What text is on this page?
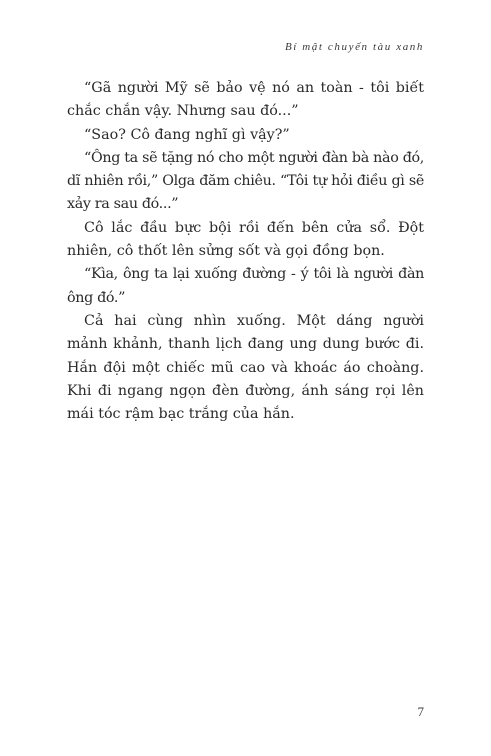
Bí mật chuyến tàu xanh

“Gã người Mỹ sẽ bảo vệ nó an toàn - tôi biết chắc chắn vậy. Nhưng sau đó...”

“Sao? Cô đang nghĩ gì vậy?”

“Ông ta sẽ tặng nó cho một người đàn bà nào đó, dĩ nhiên rồi,” Olga đăm chiêu. “Tôi tự hỏi điều gì sẽ xảy ra sau đó...”

Cô lắc đầu bực bội rồi đến bên cửa sổ. Đột nhiên, cô thốt lên sửng sốt và gọi đồng bọn.

“Kìa, ông ta lại xuống đường - ý tôi là người đàn ông đó.”

Cả hai cùng nhìn xuống. Một dáng người mảnh khảnh, thanh lịch đang ung dung bước đi. Hắn đội một chiếc mũ cao và khoác áo choàng. Khi đi ngang ngọn đèn đường, ánh sáng rọi lên mái tóc rậm bạc trắng của hắn.

7
